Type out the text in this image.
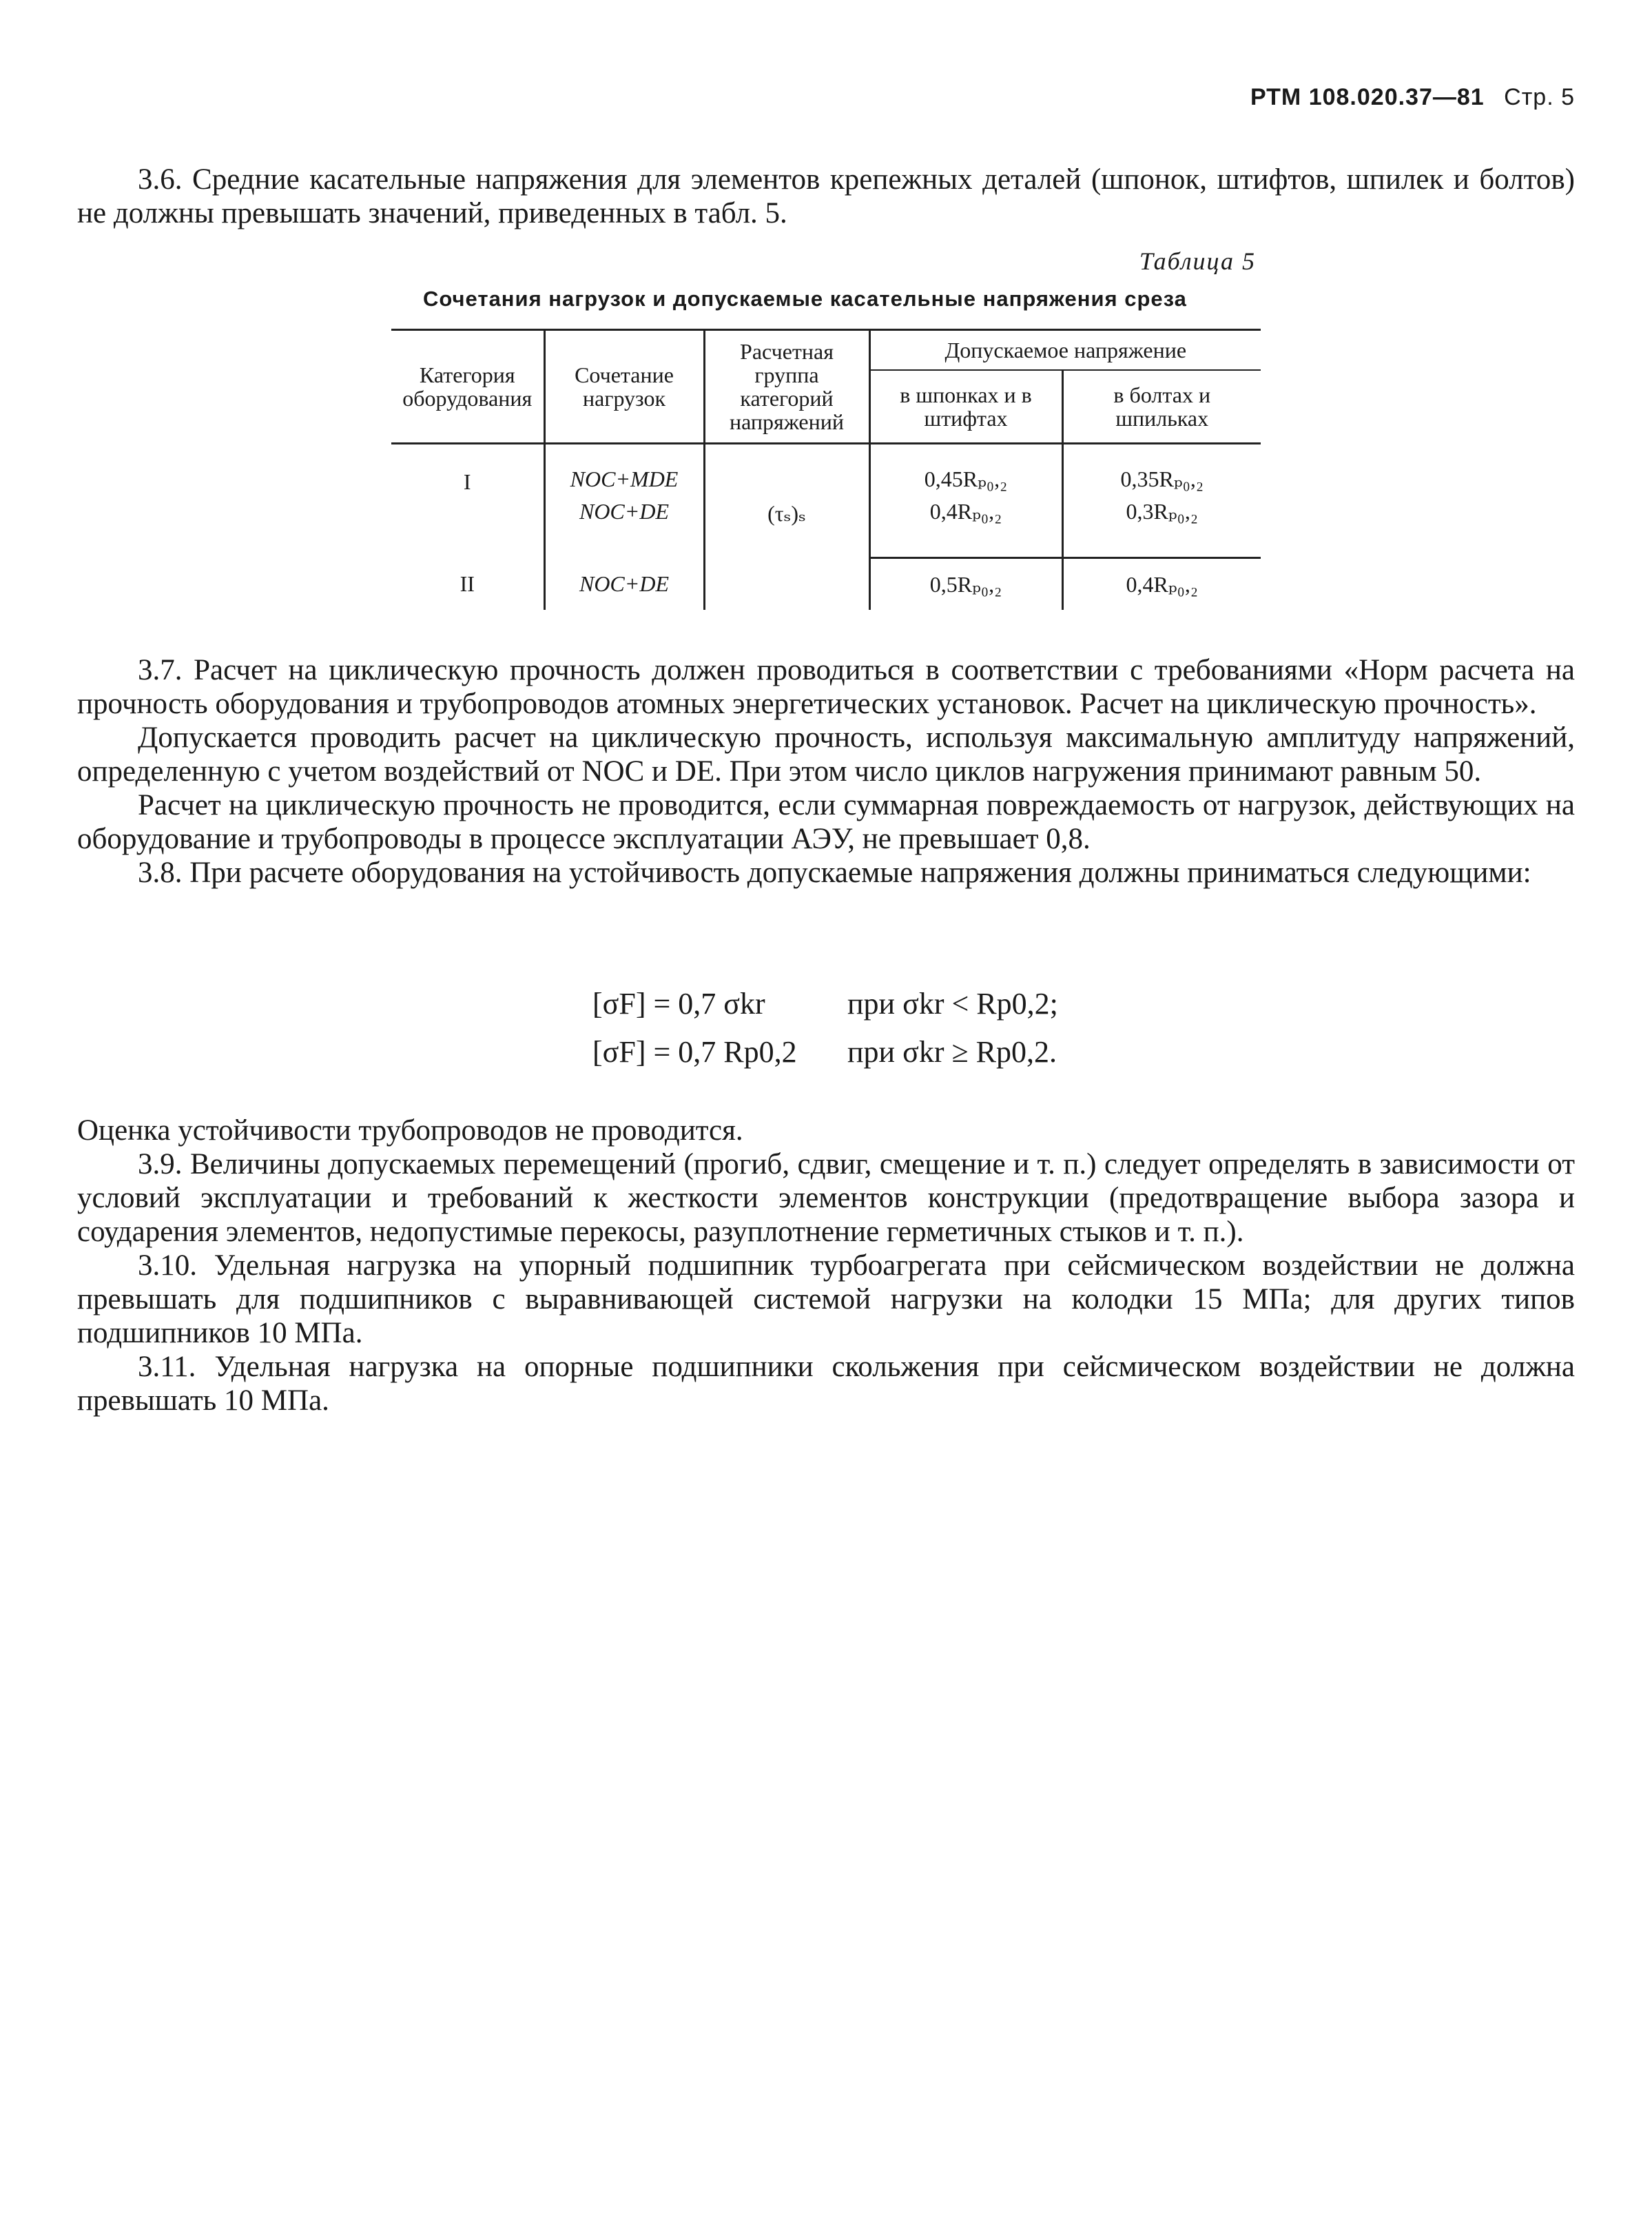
РТМ 108.020.37—81 Стр. 5

3.6. Средние касательные напряжения для элементов крепежных деталей (шпонок, штифтов, шпилек и болтов) не должны превышать значений, приведенных в табл. 5.

Таблица 5
Сочетания нагрузок и допускаемые касательные напряжения среза
Категория оборудования	Сочетание нагрузок	Расчетная группа категорий напряжений	Допускаемое напряжение	
			в шпонках и в штифтах	в болтах и шпильках
I	NOC+MDE	(τₛ)ₛ	0,45Rₚ₀,₂	0,35Rₚ₀,₂
	NOC+DE		0,4Rₚ₀,₂	0,3Rₚ₀,₂
II	NOC+DE		0,5Rₚ₀,₂	0,4Rₚ₀,₂

3.7. Расчет на циклическую прочность должен проводиться в соответствии с требованиями «Норм расчета на прочность оборудования и трубопроводов атомных энергетических установок. Расчет на циклическую прочность».

Допускается проводить расчет на циклическую прочность, используя максимальную амплитуду напряжений, определенную с учетом воздействий от NOC и DE. При этом число циклов нагружения принимают равным 50.

Расчет на циклическую прочность не проводится, если суммарная повреждаемость от нагрузок, действующих на оборудование и трубопроводы в процессе эксплуатации АЭУ, не превышает 0,8.

3.8. При расчете оборудования на устойчивость допускаемые напряжения должны приниматься следующими:

[σF] = 0,7 σkr	при σkr < Rp0,2;
[σF] = 0,7 Rp0,2 при σkr ≥ Rp0,2.

Оценка устойчивости трубопроводов не проводится.

3.9. Величины допускаемых перемещений (прогиб, сдвиг, смещение и т. п.) следует определять в зависимости от условий эксплуатации и требований к жесткости элементов конструкции (предотвращение выбора зазора и соударения элементов, недопустимые перекосы, разуплотнение герметичных стыков и т. п.).

3.10. Удельная нагрузка на упорный подшипник турбоагрегата при сейсмическом воздействии не должна превышать для подшипников с выравнивающей системой нагрузки на колодки 15 МПа; для других типов подшипников 10 МПа.

3.11. Удельная нагрузка на опорные подшипники скольжения при сейсмическом воздействии не должна превышать 10 МПа.
